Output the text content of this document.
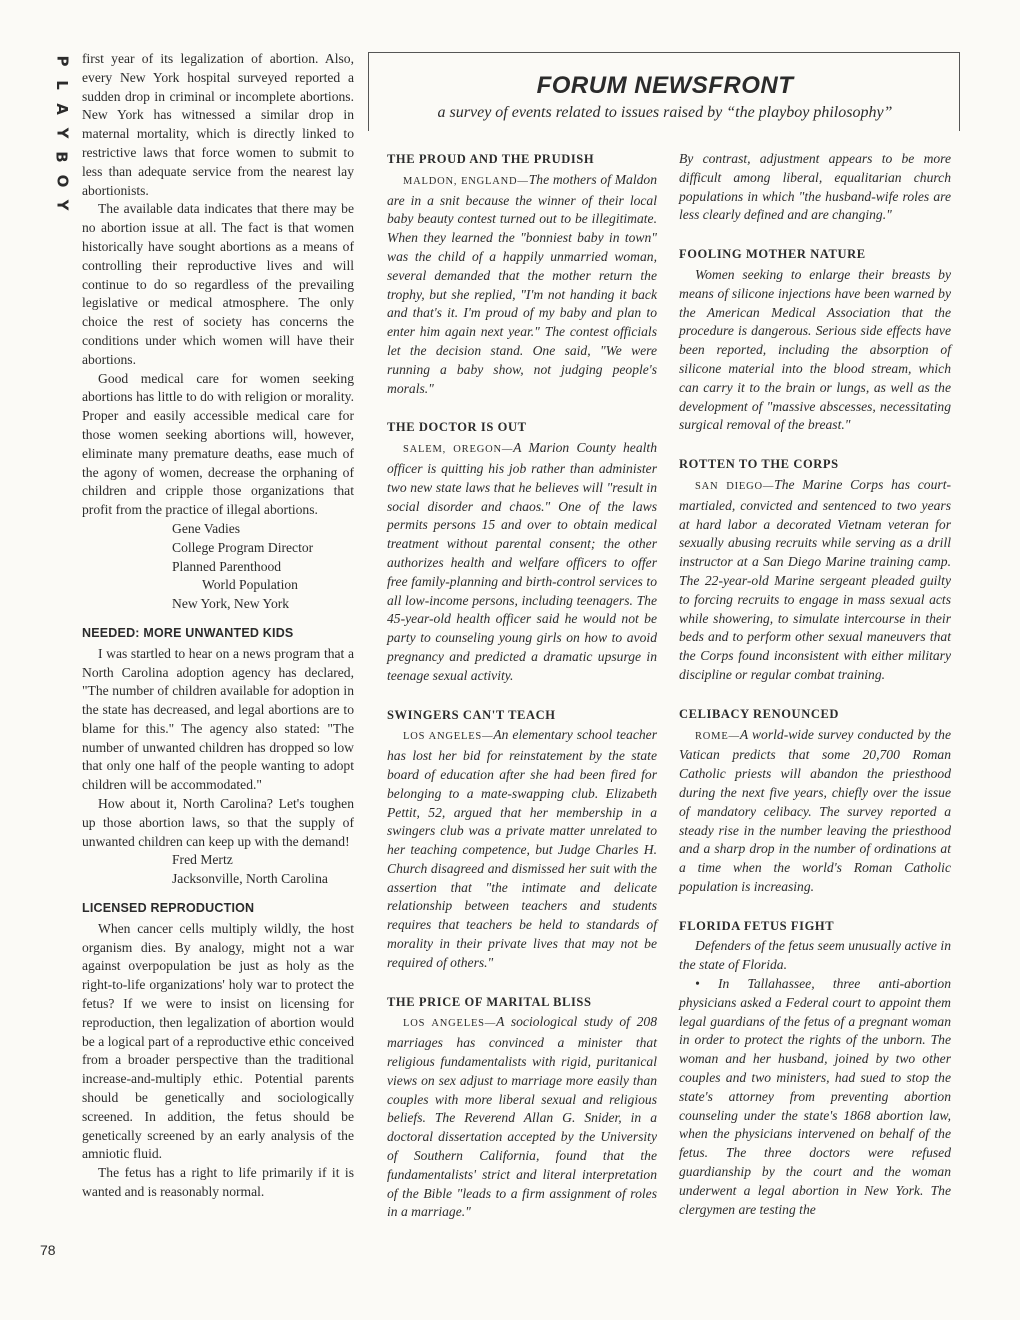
P
L
A
Y
B
O
Y
78

first year of its legalization of abortion. Also, every New York hospital surveyed reported a sudden drop in criminal or incomplete abortions. New York has witnessed a similar drop in maternal mortality, which is directly linked to restrictive laws that force women to submit to less than adequate service from the nearest lay abortionists.

The available data indicates that there may be no abortion issue at all. The fact is that women historically have sought abortions as a means of controlling their reproductive lives and will continue to do so regardless of the prevailing legislative or medical atmosphere. The only choice the rest of society has concerns the conditions under which women will have their abortions.

Good medical care for women seeking abortions has little to do with religion or morality. Proper and easily accessible medical care for those women seeking abortions will, however, eliminate many premature deaths, ease much of the agony of women, decrease the orphaning of children and cripple those organizations that profit from the practice of illegal abortions.

Gene Vadies
College Program Director
Planned Parenthood
World Population
New York, New York
NEEDED: MORE UNWANTED KIDS

I was startled to hear on a news program that a North Carolina adoption agency has declared, "The number of children available for adoption in the state has decreased, and legal abortions are to blame for this." The agency also stated: "The number of unwanted children has dropped so low that only one half of the people wanting to adopt children will be accommodated."

How about it, North Carolina? Let's toughen up those abortion laws, so that the supply of unwanted children can keep up with the demand!

Fred Mertz
Jacksonville, North Carolina
LICENSED REPRODUCTION

When cancer cells multiply wildly, the host organism dies. By analogy, might not a war against overpopulation be just as holy as the right-to-life organizations' holy war to protect the fetus? If we were to insist on licensing for reproduction, then legalization of abortion would be a logical part of a reproductive ethic conceived from a broader perspective than the traditional increase-and-multiply ethic. Potential parents should be genetically and sociologically screened. In addition, the fetus should be genetically screened by an early analysis of the amniotic fluid.

The fetus has a right to life primarily if it is wanted and is reasonably normal.

FORUM NEWSFRONT
a survey of events related to issues raised by “the playboy philosophy”
THE PROUD AND THE PRUDISH

MALDON, ENGLAND—The mothers of Maldon are in a snit because the winner of their local baby beauty contest turned out to be illegitimate. When they learned the "bonniest baby in town" was the child of a happily unmarried woman, several demanded that the mother return the trophy, but she replied, "I'm not handing it back and that's it. I'm proud of my baby and plan to enter him again next year." The contest officials let the decision stand. One said, "We were running a baby show, not judging people's morals."

THE DOCTOR IS OUT

SALEM, OREGON—A Marion County health officer is quitting his job rather than administer two new state laws that he believes will "result in social disorder and chaos." One of the laws permits persons 15 and over to obtain medical treatment without parental consent; the other authorizes health and welfare officers to offer free family-planning and birth-control services to all low-income persons, including teenagers. The 45-year-old health officer said he would not be party to counseling young girls on how to avoid pregnancy and predicted a dramatic upsurge in teenage sexual activity.

SWINGERS CAN'T TEACH

LOS ANGELES—An elementary school teacher has lost her bid for reinstatement by the state board of education after she had been fired for belonging to a mate-swapping club. Elizabeth Pettit, 52, argued that her membership in a swingers club was a private matter unrelated to her teaching competence, but Judge Charles H. Church disagreed and dismissed her suit with the assertion that "the intimate and delicate relationship between teachers and students requires that teachers be held to standards of morality in their private lives that may not be required of others."

THE PRICE OF MARITAL BLISS

LOS ANGELES—A sociological study of 208 marriages has convinced a minister that religious fundamentalists with rigid, puritanical views on sex adjust to marriage more easily than couples with more liberal sexual and religious beliefs. The Reverend Allan G. Snider, in a doctoral dissertation accepted by the University of Southern California, found that the fundamentalists' strict and literal interpretation of the Bible "leads to a firm assignment of roles in a marriage."

By contrast, adjustment appears to be more difficult among liberal, equalitarian church populations in which "the husband-wife roles are less clearly defined and are changing."

FOOLING MOTHER NATURE

Women seeking to enlarge their breasts by means of silicone injections have been warned by the American Medical Association that the procedure is dangerous. Serious side effects have been reported, including the absorption of silicone material into the blood stream, which can carry it to the brain or lungs, as well as the development of "massive abscesses, necessitating surgical removal of the breast."

ROTTEN TO THE CORPS

SAN DIEGO—The Marine Corps has court-martialed, convicted and sentenced to two years at hard labor a decorated Vietnam veteran for sexually abusing recruits while serving as a drill instructor at a San Diego Marine training camp. The 22-year-old Marine sergeant pleaded guilty to forcing recruits to engage in mass sexual acts while showering, to simulate intercourse in their beds and to perform other sexual maneuvers that the Corps found inconsistent with either military discipline or regular combat training.

CELIBACY RENOUNCED

ROME—A world-wide survey conducted by the Vatican predicts that some 20,700 Roman Catholic priests will abandon the priesthood during the next five years, chiefly over the issue of mandatory celibacy. The survey reported a steady rise in the number leaving the priesthood and a sharp drop in the number of ordinations at a time when the world's Roman Catholic population is increasing.

FLORIDA FETUS FIGHT

Defenders of the fetus seem unusually active in the state of Florida.

• In Tallahassee, three anti-abortion physicians asked a Federal court to appoint them legal guardians of the fetus of a pregnant woman in order to protect the rights of the unborn. The woman and her husband, joined by two other couples and two ministers, had sued to stop the state's attorney from preventing abortion counseling under the state's 1868 abortion law, when the physicians intervened on behalf of the fetus. The three doctors were refused guardianship by the court and the woman underwent a legal abortion in New York. The clergymen are testing the
